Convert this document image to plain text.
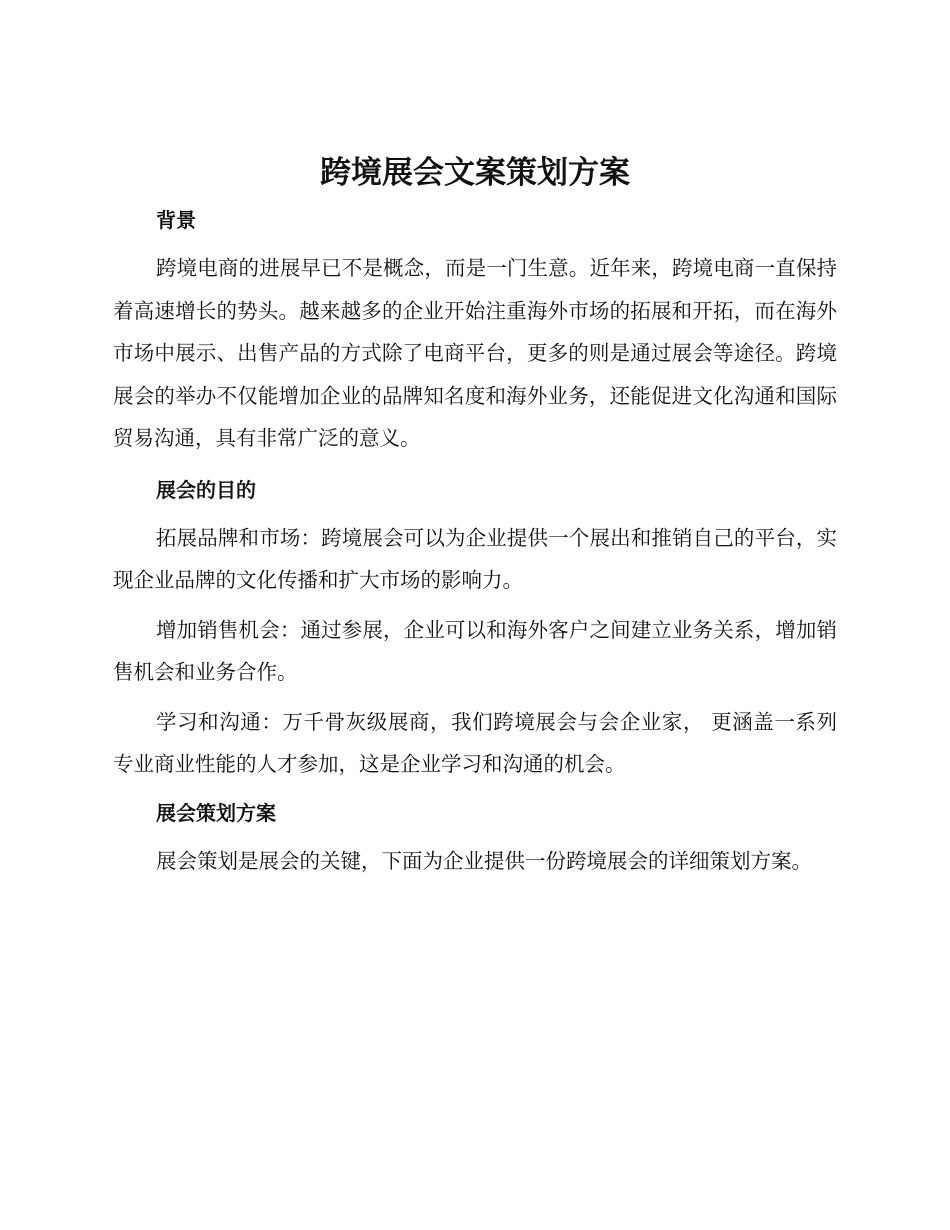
跨境展会文案策划方案
背景

跨境电商的进展早已不是概念，而是一门生意。近年来，跨境电商一直保持着高速增长的势头。越来越多的企业开始注重海外市场的拓展和开拓，而在海外市场中展示、出售产品的方式除了电商平台，更多的则是通过展会等途径。跨境展会的举办不仅能增加企业的品牌知名度和海外业务，还能促进文化沟通和国际贸易沟通，具有非常广泛的意义。

展会的目的

拓展品牌和市场：跨境展会可以为企业提供一个展出和推销自己的平台，实现企业品牌的文化传播和扩大市场的影响力。

增加销售机会：通过参展，企业可以和海外客户之间建立业务关系，增加销售机会和业务合作。

学习和沟通：万千骨灰级展商，我们跨境展会与会企业家， 更涵盖一系列专业商业性能的人才参加，这是企业学习和沟通的机会。

展会策划方案

展会策划是展会的关键，下面为企业提供一份跨境展会的详细策划方案。
